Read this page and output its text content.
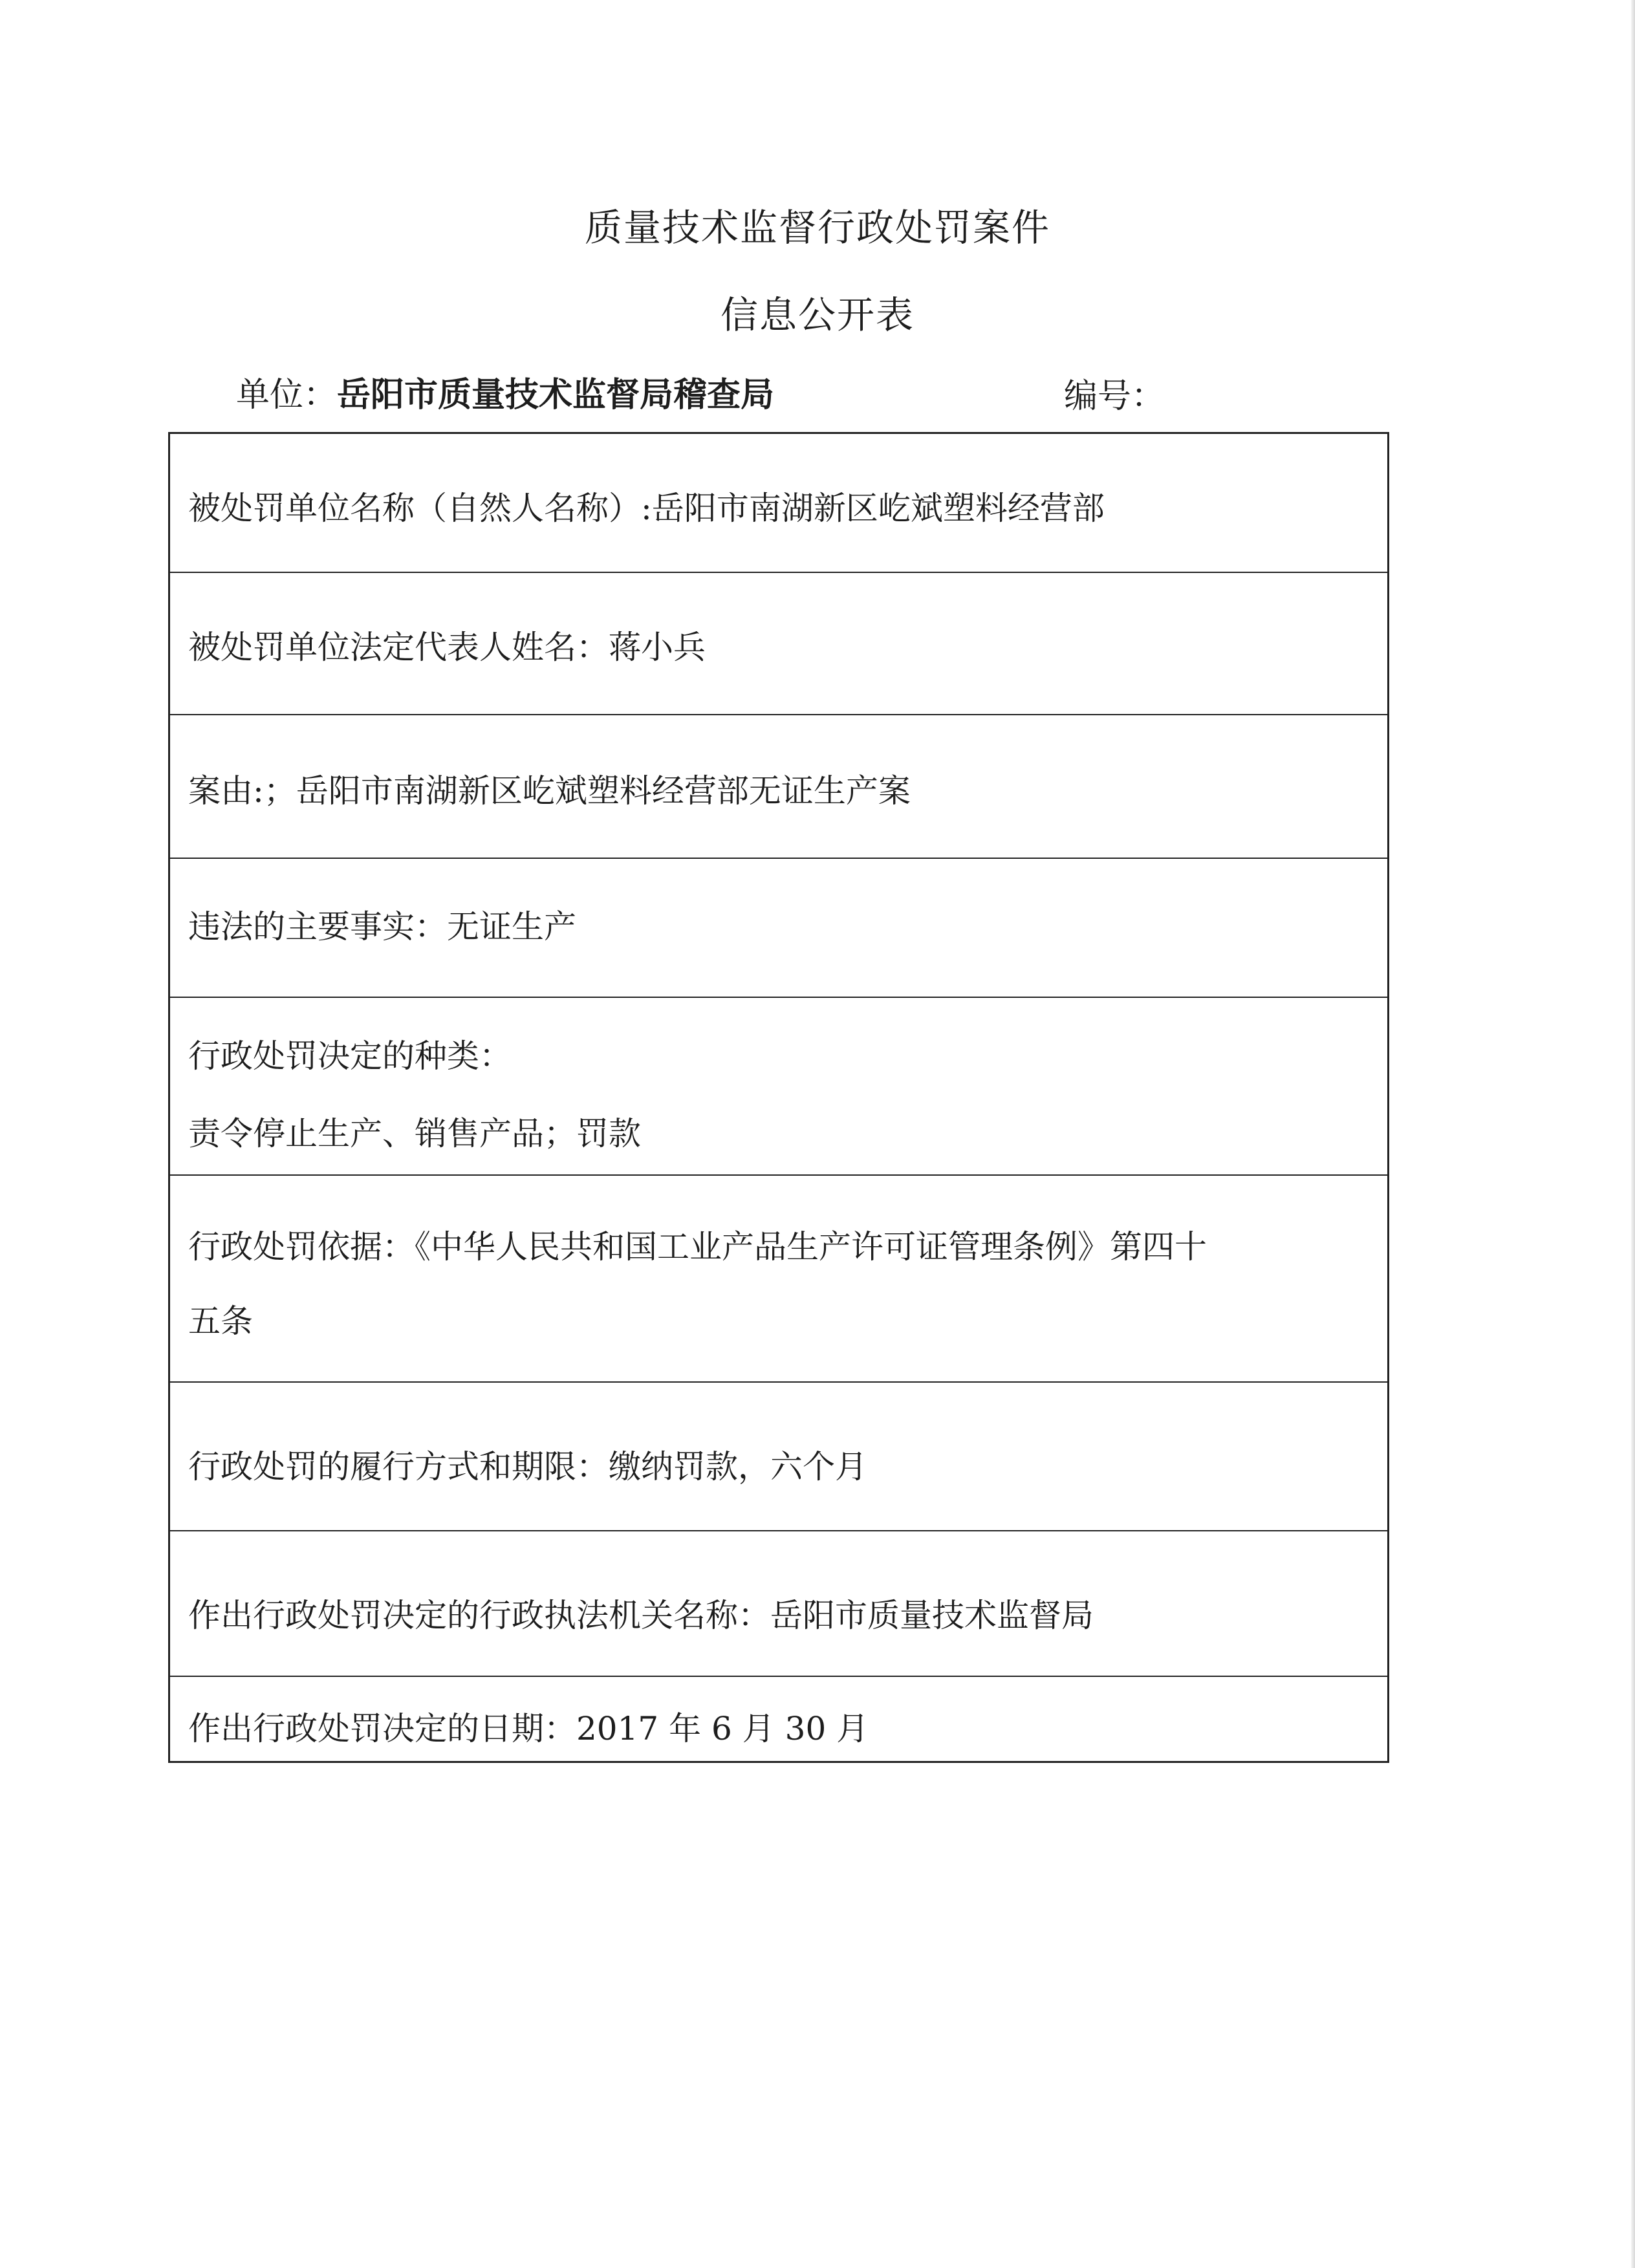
质量技术监督行政处罚案件
信息公开表
单位：岳阳市质量技术监督局稽查局	编号：
被处罚单位名称（自然人名称）:岳阳市南湖新区屹斌塑料经营部
被处罚单位法定代表人姓名：蒋小兵
案由:；岳阳市南湖新区屹斌塑料经营部无证生产案
违法的主要事实：无证生产
行政处罚决定的种类：
责令停止生产、销售产品；罚款
行政处罚依据：《中华人民共和国工业产品生产许可证管理条例》第四十
五条
行政处罚的履行方式和期限：缴纳罚款，六个月
作出行政处罚决定的行政执法机关名称：岳阳市质量技术监督局
作出行政处罚决定的日期：2017 年 6 月 30 月
